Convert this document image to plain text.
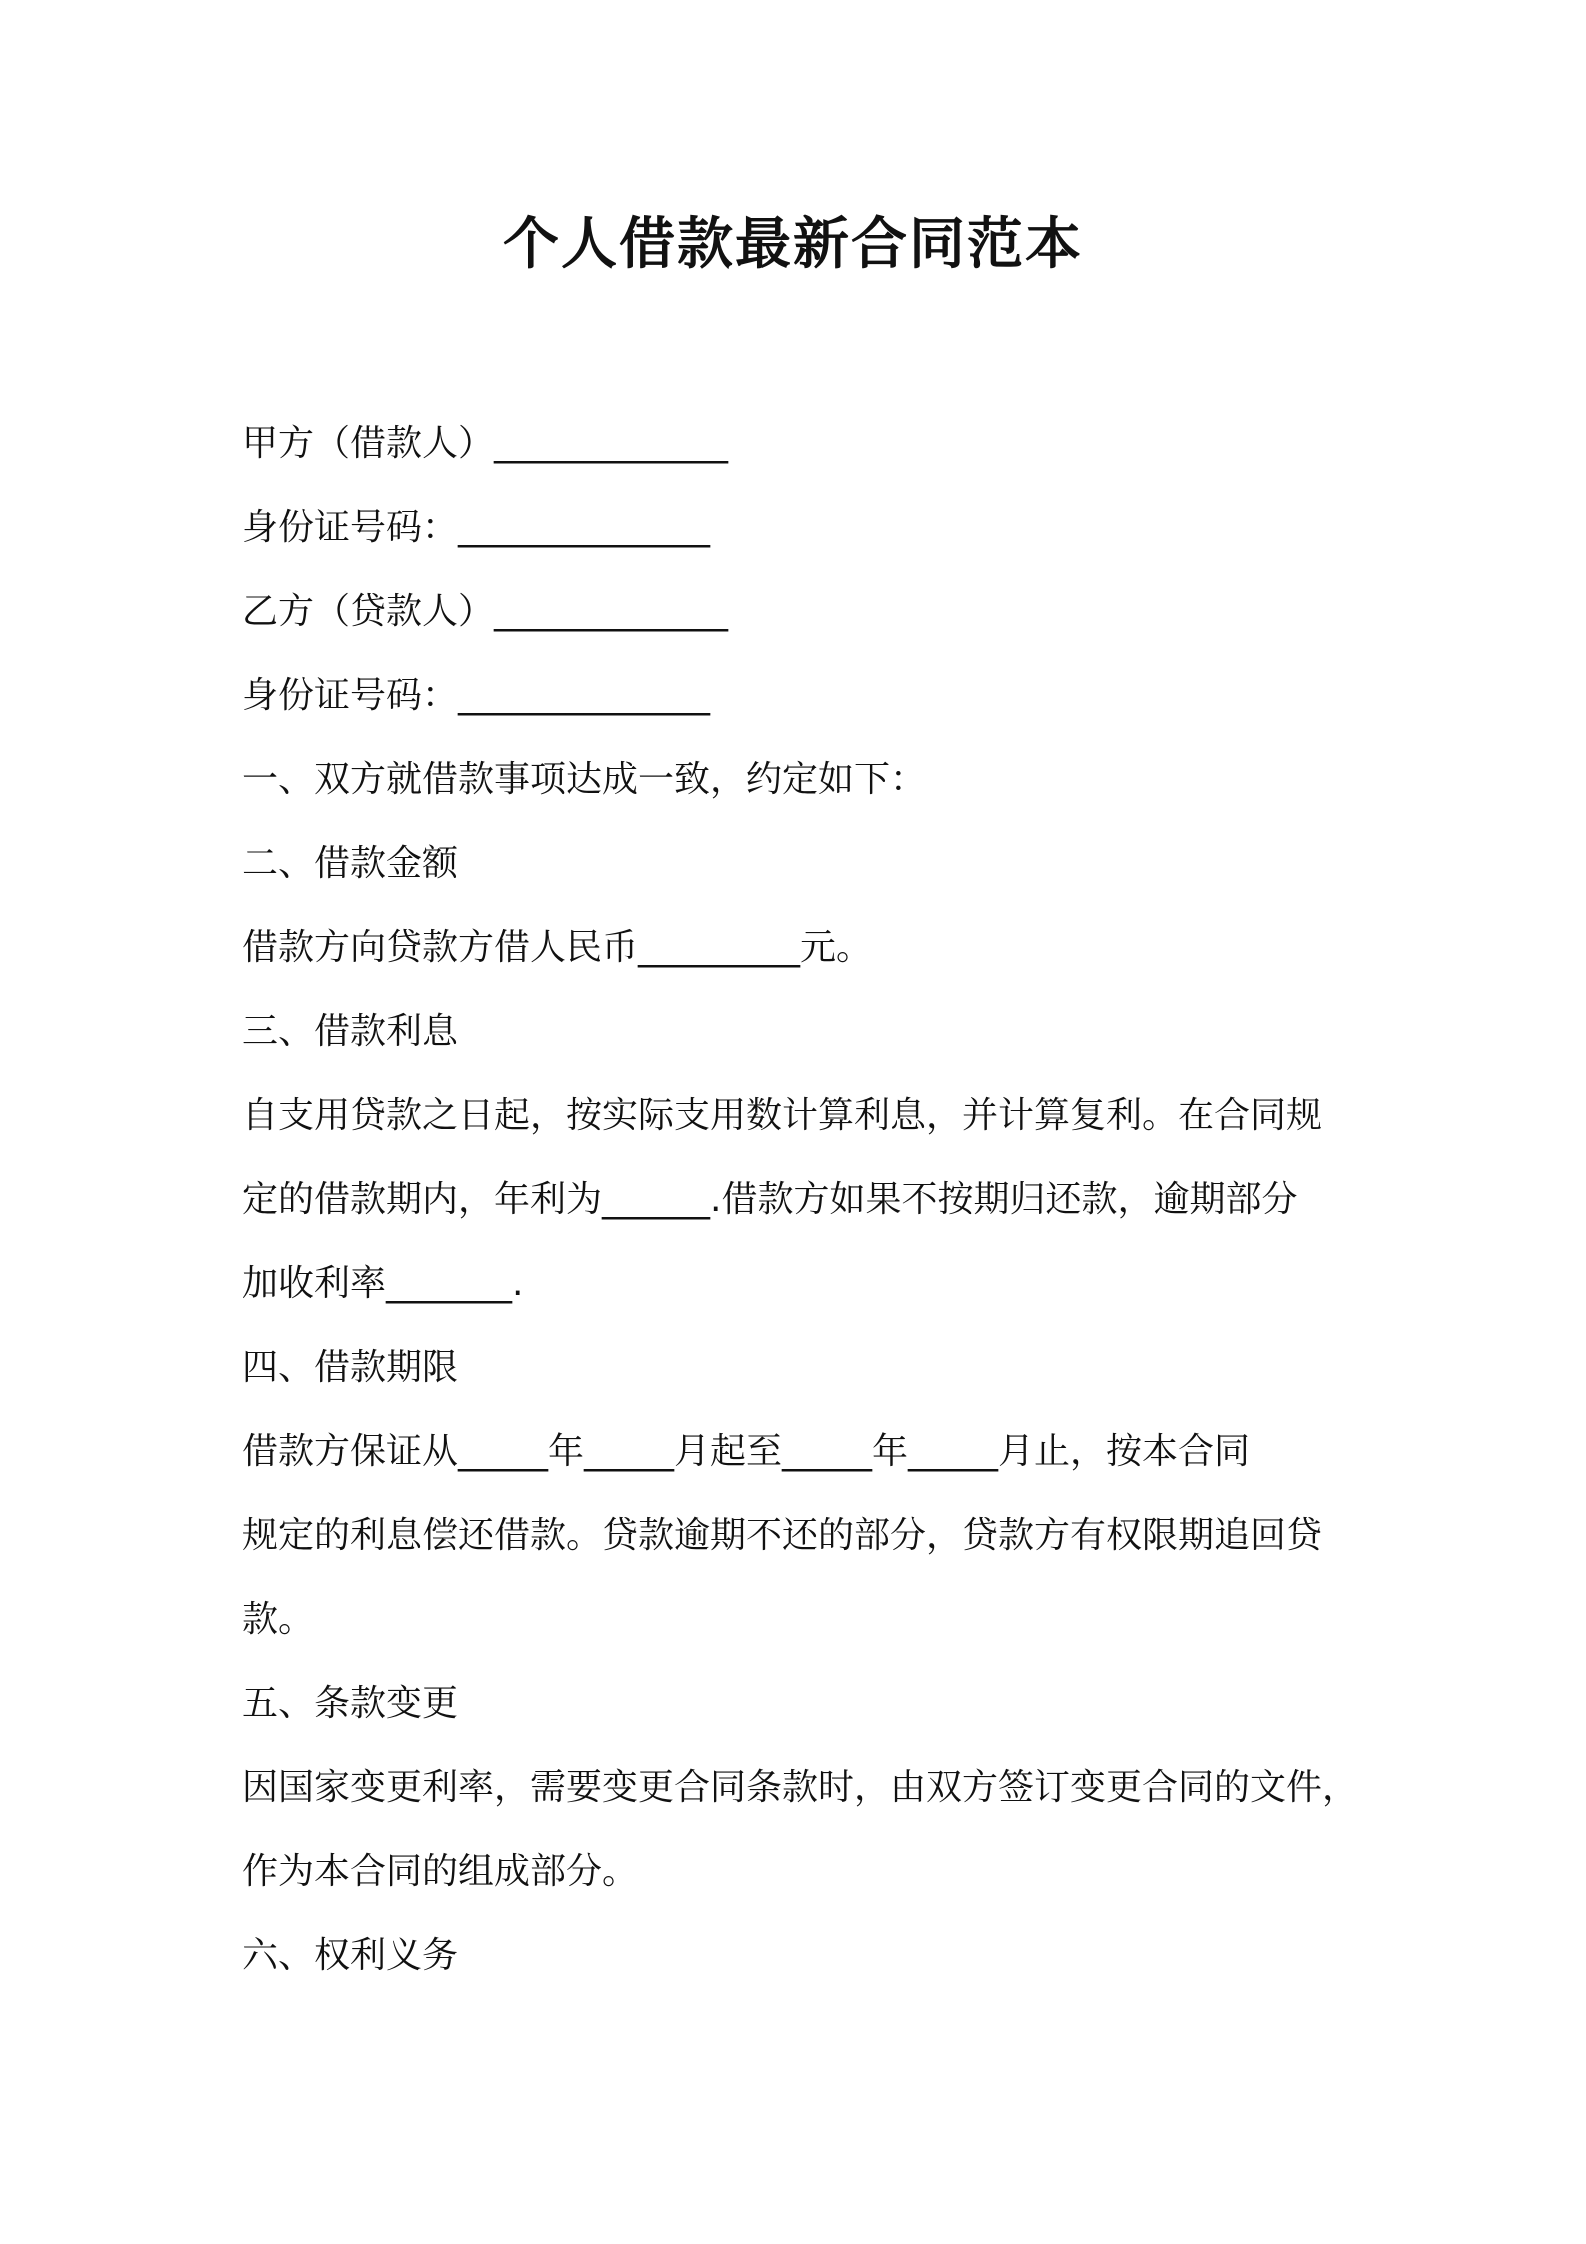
个人借款最新合同范本

甲方（借款人）_____________

身份证号码：______________

乙方（贷款人）_____________

身份证号码：______________

一、双方就借款事项达成一致，约定如下：

二、借款金额

借款方向贷款方借人民币_________元。

三、借款利息

自支用贷款之日起，按实际支用数计算利息，并计算复利。在合同规

定的借款期内，年利为______.借款方如果不按期归还款，逾期部分

加收利率_______.

四、借款期限

借款方保证从_____年_____月起至_____年_____月止，按本合同

规定的利息偿还借款。贷款逾期不还的部分，贷款方有权限期追回贷

款。

五、条款变更

因国家变更利率，需要变更合同条款时，由双方签订变更合同的文件，

作为本合同的组成部分。

六、权利义务
